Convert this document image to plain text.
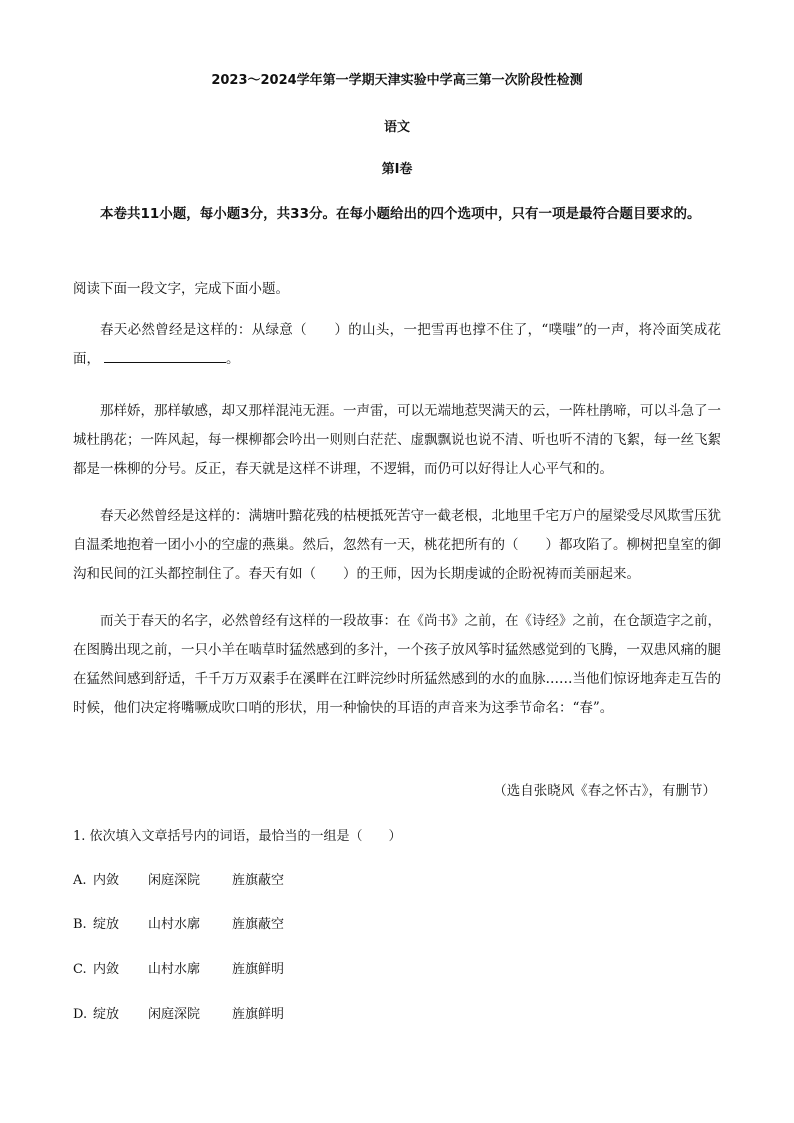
2023～2024学年第一学期天津实验中学高三第一次阶段性检测
语文
第I卷
本卷共11小题，每小题3分，共33分。在每小题给出的四个选项中，只有一项是最符合题目要求的。
阅读下面一段文字，完成下面小题。
春天必然曾经是这样的：从绿意（　　）的山头，一把雪再也撑不住了，“噗嗤”的一声，将冷面笑成花面，	。
那样娇，那样敏感，却又那样混沌无涯。一声雷，可以无端地惹哭满天的云，一阵杜鹃啼，可以斗急了一城杜鹃花；一阵风起，每一棵柳都会吟出一则则白茫茫、虚飘飘说也说不清、听也听不清的飞絮，每一丝飞絮都是一株柳的分号。反正，春天就是这样不讲理，不逻辑，而仍可以好得让人心平气和的。
春天必然曾经是这样的：满塘叶黯花残的枯梗抵死苦守一截老根，北地里千宅万户的屋梁受尽风欺雪压犹自温柔地抱着一团小小的空虚的燕巢。然后，忽然有一天，桃花把所有的（　　）都攻陷了。柳树把皇室的御沟和民间的江头都控制住了。春天有如（　　）的王师，因为长期虔诚的企盼祝祷而美丽起来。
而关于春天的名字，必然曾经有这样的一段故事：在《尚书》之前，在《诗经》之前，在仓颉造字之前，在图腾出现之前，一只小羊在啮草时猛然感到的多汁，一个孩子放风筝时猛然感觉到的飞腾，一双患风痛的腿在猛然间感到舒适，千千万万双素手在溪畔在江畔浣纱时所猛然感到的水的血脉……当他们惊讶地奔走互告的时候，他们决定将嘴噘成吹口哨的形状，用一种愉快的耳语的声音来为这季节命名：“春”。
（选自张晓风《春之怀古》，有删节）
1. 依次填入文章括号内的词语，最恰当的一组是（　　）
A. 内敛 闲庭深院 旌旗蔽空
B. 绽放 山村水廓 旌旗蔽空
C. 内敛 山村水廓 旌旗鲜明
D. 绽放 闲庭深院 旌旗鲜明
